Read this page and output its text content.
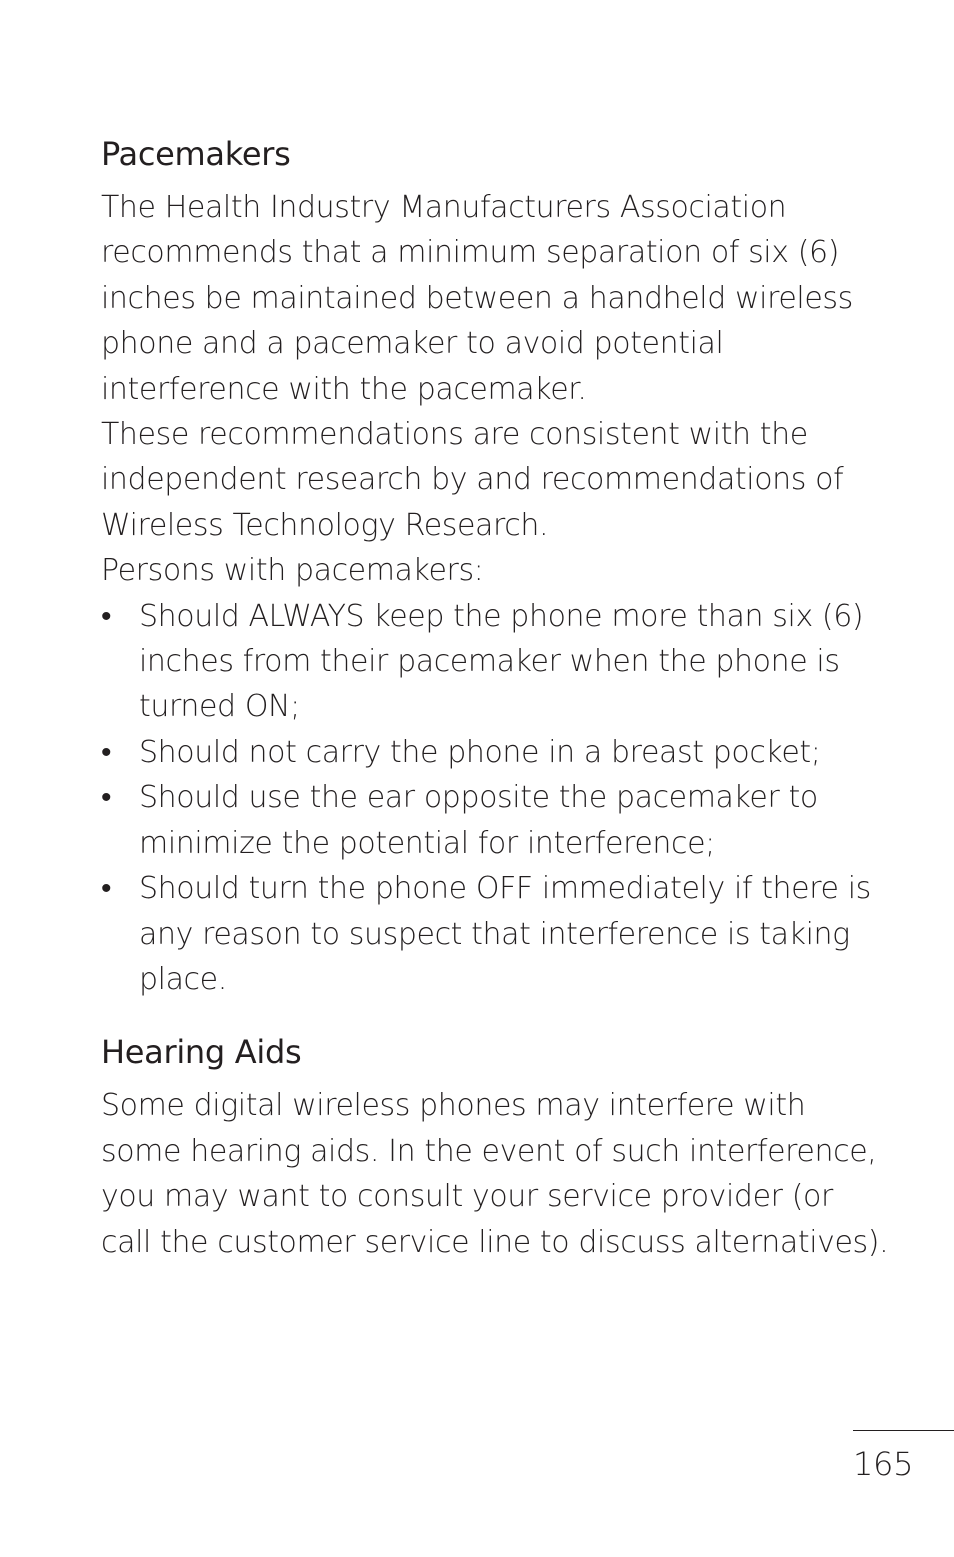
Pacemakers

The Health Industry Manufacturers Association recommends that a minimum separation of six (6) inches be maintained between a handheld wireless phone and a pacemaker to avoid potential interference with the pacemaker.

These recommendations are consistent with the independent research by and recommendations of Wireless Technology Research.

Persons with pacemakers:

• Should ALWAYS keep the phone more than six (6) inches from their pacemaker when the phone is turned ON;
• Should not carry the phone in a breast pocket;
• Should use the ear opposite the pacemaker to minimize the potential for interference;
• Should turn the phone OFF immediately if there is any reason to suspect that interference is taking place.
Hearing Aids

Some digital wireless phones may interfere with some hearing aids. In the event of such interference, you may want to consult your service provider (or call the customer service line to discuss alternatives).

165
